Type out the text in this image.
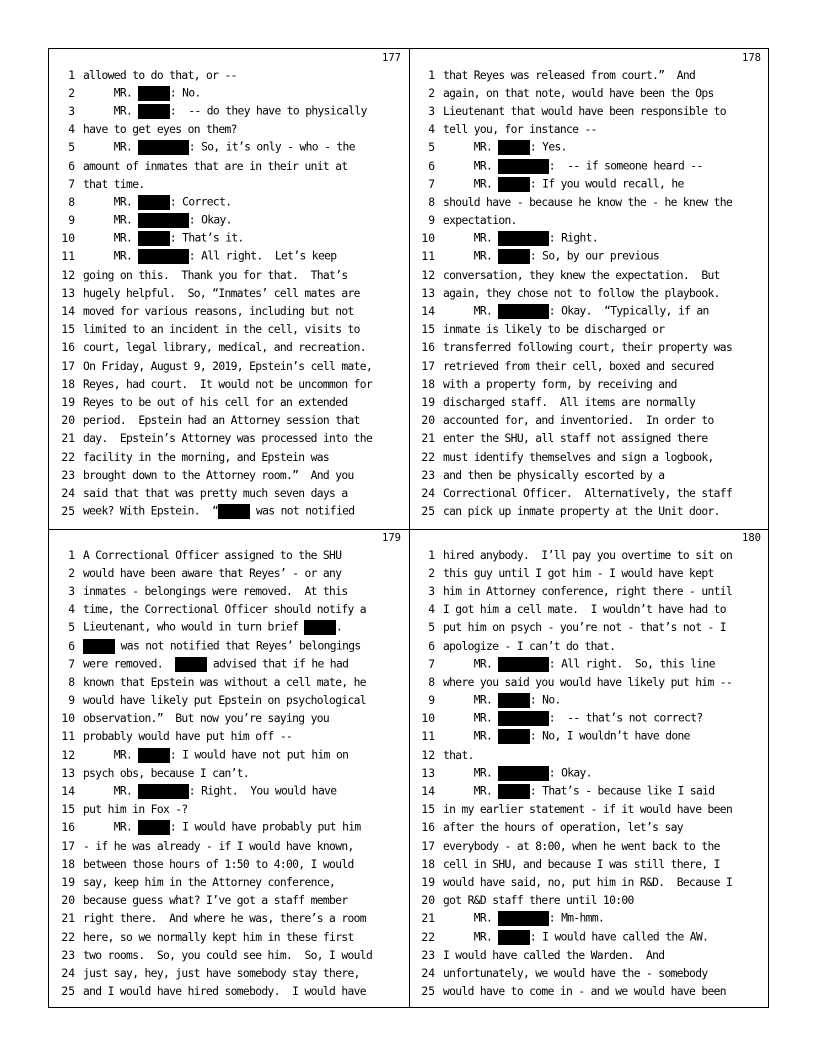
177
1 allowed to do that, or --
2 MR.	: No.
3 MR.	:  -- do they have to physically
4 have to get eyes on them?
5 MR.	: So, it’s only - who - the
6 amount of inmates that are in their unit at
7 that time.
8 MR.	: Correct.
9 MR.	: Okay.
10 MR.	: That’s it.
11 MR.	: All right.  Let’s keep
12 going on this.  Thank you for that.  That’s
13 hugely helpful.  So, “Inmates’ cell mates are
14 moved for various reasons, including but not
15 limited to an incident in the cell, visits to
16 court, legal library, medical, and recreation.
17 On Friday, August 9, 2019, Epstein’s cell mate,
18 Reyes, had court.  It would not be uncommon for
19 Reyes to be out of his cell for an extended
20 period.  Epstein had an Attorney session that
21 day.  Epstein’s Attorney was processed into the
22 facility in the morning, and Epstein was
23 brought down to the Attorney room.”  And you
24 said that that was pretty much seven days a
25 week? With Epstein.  “	was not notified
178
1 that Reyes was released from court.”  And
2 again, on that note, would have been the Ops
3 Lieutenant that would have been responsible to
4 tell you, for instance --
5 MR.	: Yes.
6 MR.	:  -- if someone heard --
7 MR.	: If you would recall, he
8 should have - because he know the - he knew the
9 expectation.
10 MR.	: Right.
11 MR.	: So, by our previous
12 conversation, they knew the expectation.  But
13 again, they chose not to follow the playbook.
14 MR.	: Okay.  “Typically, if an
15 inmate is likely to be discharged or
16 transferred following court, their property was
17 retrieved from their cell, boxed and secured
18 with a property form, by receiving and
19 discharged staff.  All items are normally
20 accounted for, and inventoried.  In order to
21 enter the SHU, all staff not assigned there
22 must identify themselves and sign a logbook,
23 and then be physically escorted by a
24 Correctional Officer.  Alternatively, the staff
25 can pick up inmate property at the Unit door.
179
1 A Correctional Officer assigned to the SHU
2 would have been aware that Reyes’ - or any
3 inmates - belongings were removed.  At this
4 time, the Correctional Officer should notify a
5 Lieutenant, who would in turn brief	.
6	was not notified that Reyes’ belongings
7 were removed.	advised that if he had
8 known that Epstein was without a cell mate, he
9 would have likely put Epstein on psychological
10 observation.”  But now you’re saying you
11 probably would have put him off --
12 MR.	: I would have not put him on
13 psych obs, because I can’t.
14 MR.	: Right.  You would have
15 put him in Fox -?
16 MR.	: I would have probably put him
17 - if he was already - if I would have known,
18 between those hours of 1:50 to 4:00, I would
19 say, keep him in the Attorney conference,
20 because guess what? I’ve got a staff member
21 right there.  And where he was, there’s a room
22 here, so we normally kept him in these first
23 two rooms.  So, you could see him.  So, I would
24 just say, hey, just have somebody stay there,
25 and I would have hired somebody.  I would have
180
1 hired anybody.  I’ll pay you overtime to sit on
2 this guy until I got him - I would have kept
3 him in Attorney conference, right there - until
4 I got him a cell mate.  I wouldn’t have had to
5 put him on psych - you’re not - that’s not - I
6 apologize - I can’t do that.
7 MR.	: All right.  So, this line
8 where you said you would have likely put him --
9 MR.	: No.
10 MR.	:  -- that’s not correct?
11 MR.	: No, I wouldn’t have done
12 that.
13 MR.	: Okay.
14 MR.	: That’s - because like I said
15 in my earlier statement - if it would have been
16 after the hours of operation, let’s say
17 everybody - at 8:00, when he went back to the
18 cell in SHU, and because I was still there, I
19 would have said, no, put him in R&D.  Because I
20 got R&D staff there until 10:00
21 MR.	: Mm-hmm.
22 MR.	: I would have called the AW.
23 I would have called the Warden.  And
24 unfortunately, we would have the - somebody
25 would have to come in - and we would have been
